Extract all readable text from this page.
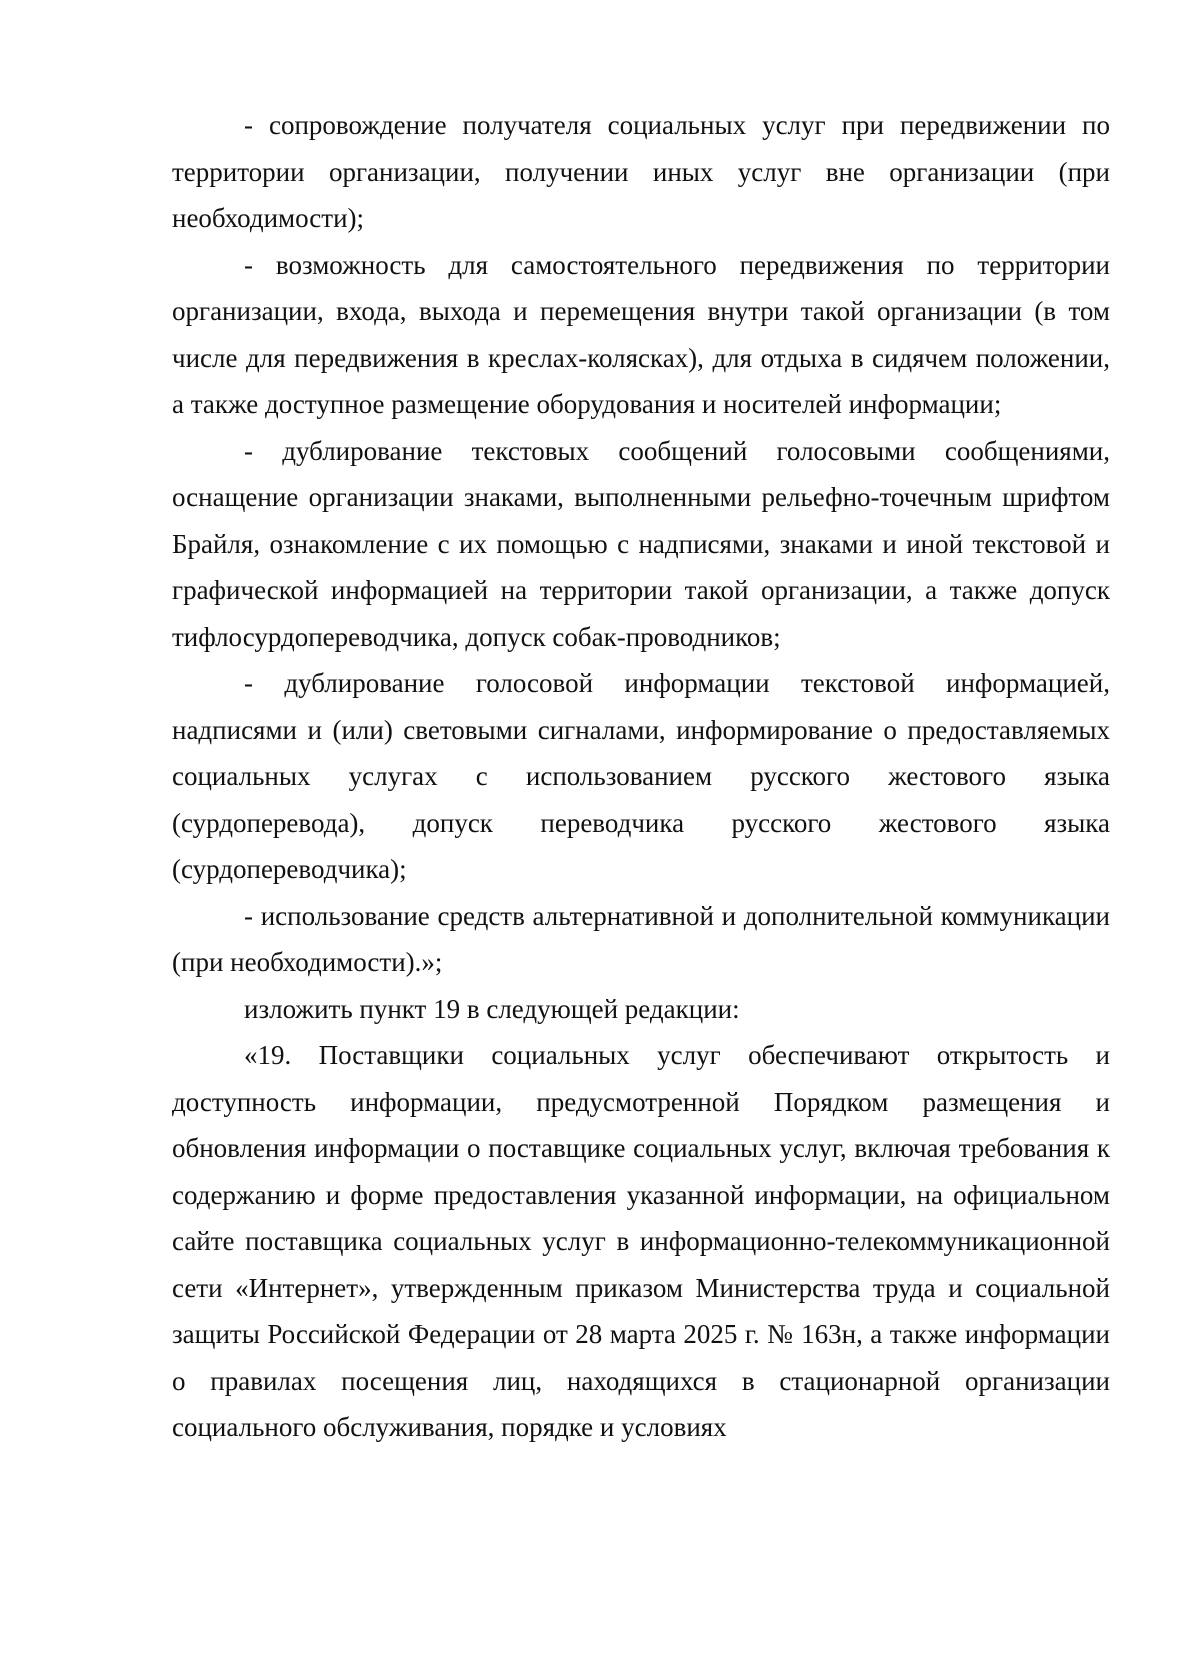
- сопровождение получателя социальных услуг при передвижении по территории организации, получении иных услуг вне организации (при необходимости);

- возможность для самостоятельного передвижения по территории организации, входа, выхода и перемещения внутри такой организации (в том числе для передвижения в креслах-колясках), для отдыха в сидячем положении, а также доступное размещение оборудования и носителей информации;

- дублирование текстовых сообщений голосовыми сообщениями, оснащение организации знаками, выполненными рельефно-точечным шрифтом Брайля, ознакомление с их помощью с надписями, знаками и иной текстовой и графической информацией на территории такой организации, а также допуск тифлосурдопереводчика, допуск собак-проводников;

- дублирование голосовой информации текстовой информацией, надписями и (или) световыми сигналами, информирование о предоставляемых социальных услугах с использованием русского жестового языка (сурдоперевода), допуск переводчика русского жестового языка (сурдопереводчика);

- использование средств альтернативной и дополнительной коммуникации (при необходимости).»;

изложить пункт 19 в следующей редакции:

«19. Поставщики социальных услуг обеспечивают открытость и доступность информации, предусмотренной Порядком размещения и обновления информации о поставщике социальных услуг, включая требования к содержанию и форме предоставления указанной информации, на официальном сайте поставщика социальных услуг в информационно-телекоммуникационной сети «Интернет», утвержденным приказом Министерства труда и социальной защиты Российской Федерации от 28 марта 2025 г. № 163н, а также информации о правилах посещения лиц, находящихся в стационарной организации социального обслуживания, порядке и условиях
